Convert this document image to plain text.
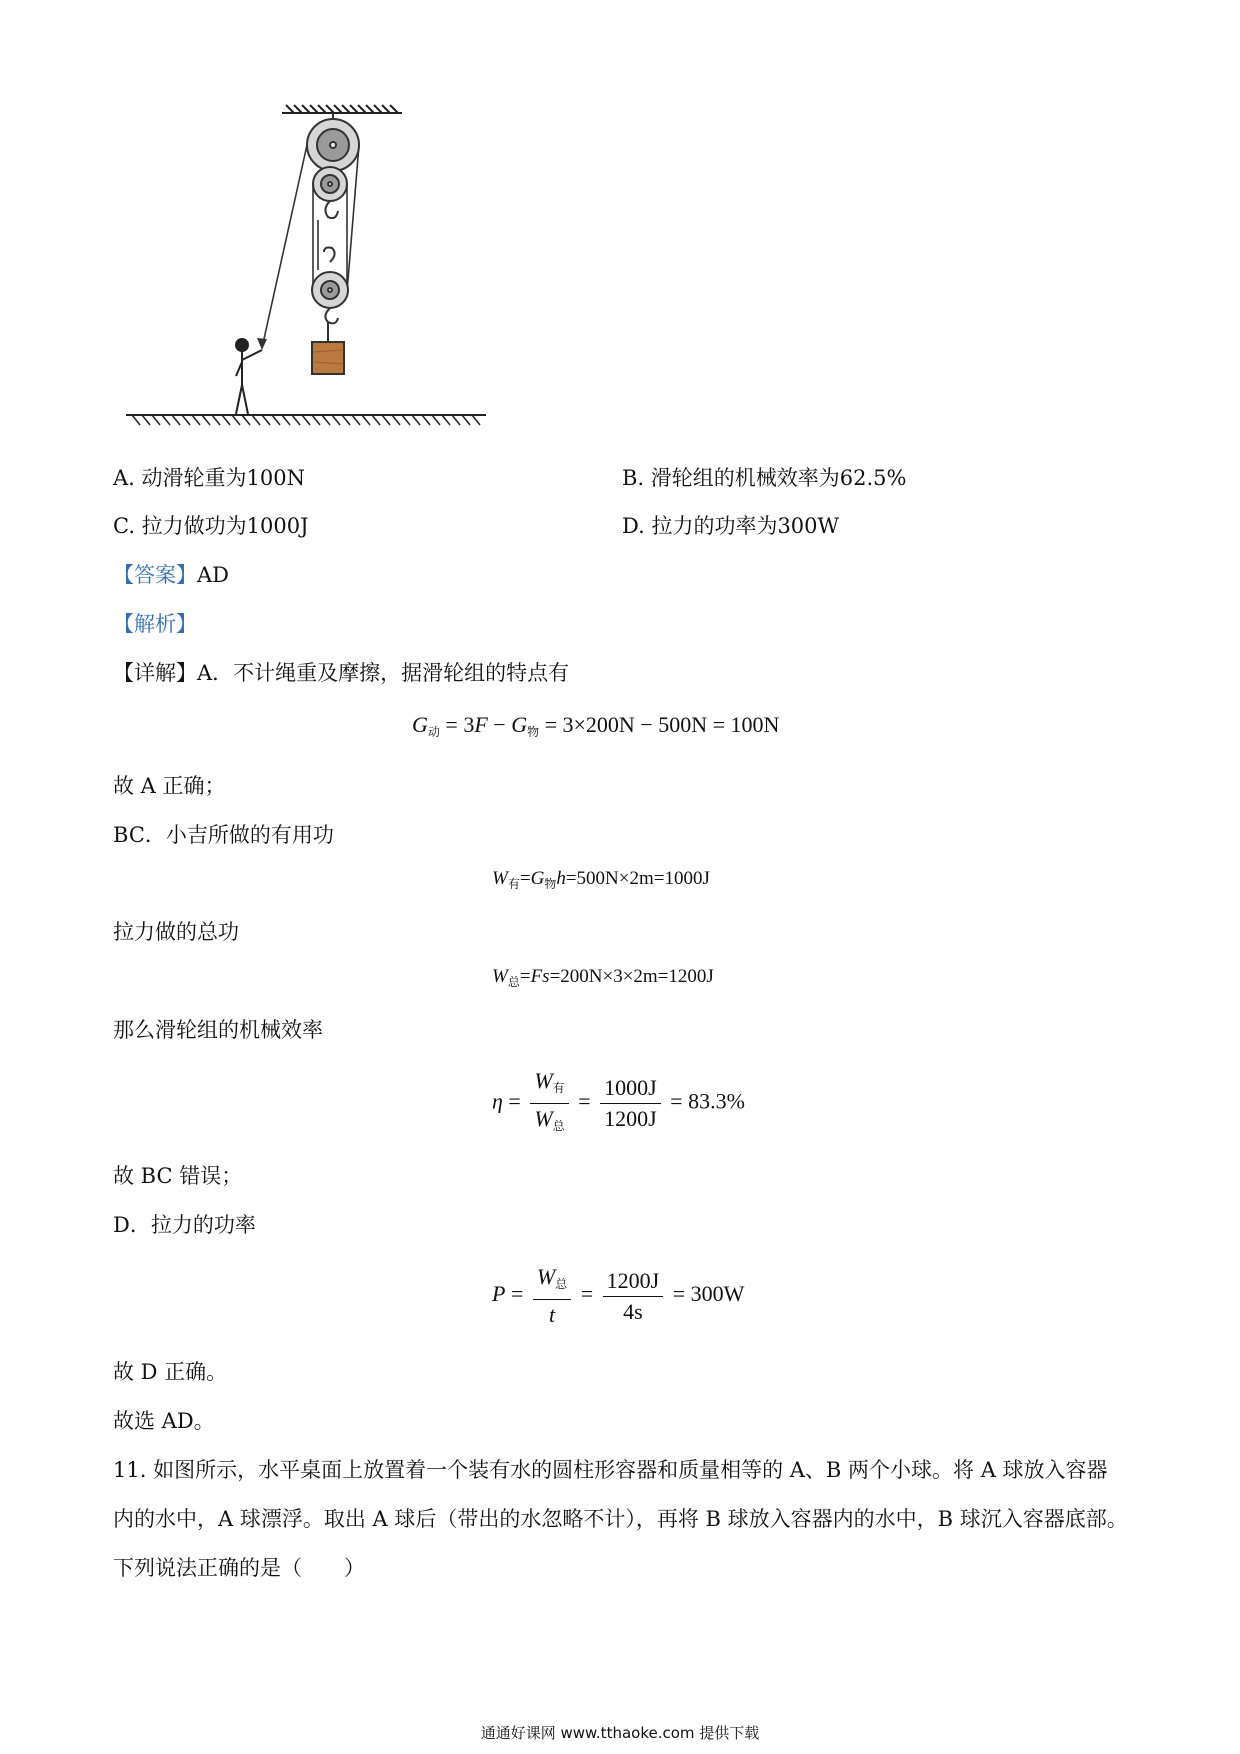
A. 动滑轮重为100N	B. 滑轮组的机械效率为62.5%
C. 拉力做功为1000J	D. 拉力的功率为300W
【答案】AD
【解析】
【详解】A．不计绳重及摩擦，据滑轮组的特点有
$G_动 = 3F - G_物 = 3\times 200N - 500N = 100N$
故 A 正确；
BC．小吉所做的有用功
$W_有=G_物h=500N\times 2m=1000J$
拉力做的总功
$W_总=Fs=200N\times 3\times 2m=1200J$
那么滑轮组的机械效率
$\eta = \frac{W_有}{W_总} = \frac{1000J}{1200J} = 83.3\%$
故 BC 错误；
D．拉力的功率
$P = \frac{W_总}{t} = \frac{1200J}{4s} = 300W$
故 D 正确。
故选 AD。
11. 如图所示，水平桌面上放置着一个装有水的圆柱形容器和质量相等的 A、B 两个小球。将 A 球放入容器
内的水中，A 球漂浮。取出 A 球后（带出的水忽略不计），再将 B 球放入容器内的水中，B 球沉入容器底部。
下列说法正确的是（　　）
通通好课网 www.tthaoke.com 提供下载
